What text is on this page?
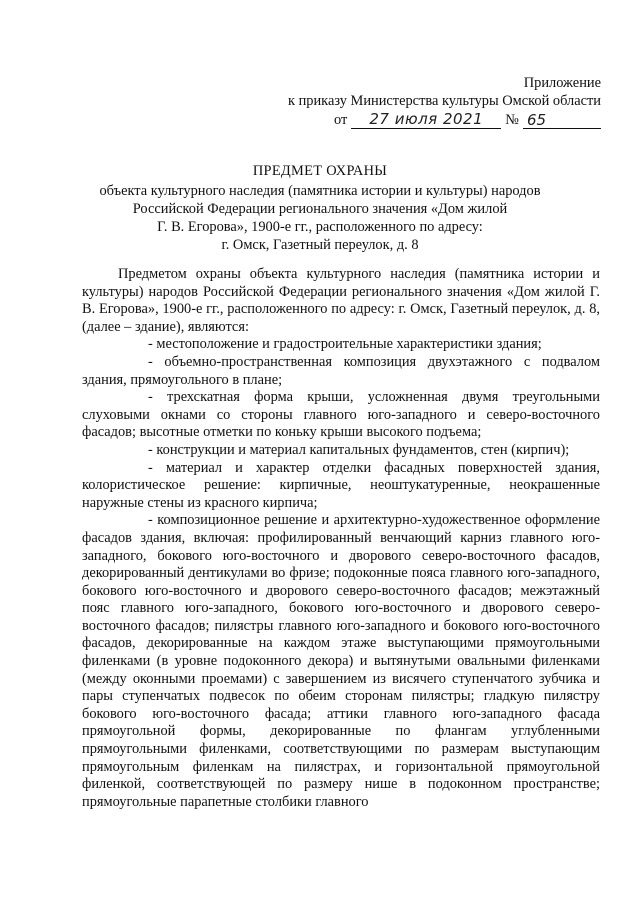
Приложение
к приказу Министерства культуры Омской области
от	27 июля 2021	№ 65
ПРЕДМЕТ ОХРАНЫ
объекта культурного наследия (памятника истории и культуры) народов
Российской Федерации регионального значения «Дом жилой
Г. В. Егорова», 1900-е гг., расположенного по адресу:
г. Омск, Газетный переулок, д. 8

Предметом охраны объекта культурного наследия (памятника истории и культуры) народов Российской Федерации регионального значения «Дом жилой Г. В. Егорова», 1900-е гг., расположенного по адресу: г. Омск, Газетный переулок, д. 8, (далее – здание), являются:

- местоположение и градостроительные характеристики здания;

- объемно-пространственная композиция двухэтажного с подвалом здания, прямоугольного в плане;

- трехскатная форма крыши, усложненная двумя треугольными слуховыми окнами со стороны главного юго-западного и северо-восточного фасадов; высотные отметки по коньку крыши высокого подъема;

- конструкции и материал капитальных фундаментов, стен (кирпич);

- материал и характер отделки фасадных поверхностей здания, колористическое решение: кирпичные, неоштукатуренные, неокрашенные наружные стены из красного кирпича;

- композиционное решение и архитектурно-художественное оформление фасадов здания, включая: профилированный венчающий карниз главного юго-западного, бокового юго-восточного и дворового северо-восточного фасадов, декорированный дентикулами во фризе; подоконные пояса главного юго-западного, бокового юго-восточного и дворового северо-восточного фасадов; межэтажный пояс главного юго-западного, бокового юго-восточного и дворового северо-восточного фасадов; пилястры главного юго-западного и бокового юго-восточного фасадов, декорированные на каждом этаже выступающими прямоугольными филенками (в уровне подоконного декора) и вытянутыми овальными филенками (между оконными проемами) с завершением из висячего ступенчатого зубчика и пары ступенчатых подвесок по обеим сторонам пилястры; гладкую пилястру бокового юго-восточного фасада; аттики главного юго-западного фасада прямоугольной формы, декорированные по флангам углубленными прямоугольными филенками, соответствующими по размерам выступающим прямоугольным филенкам на пилястрах, и горизонтальной прямоугольной филенкой, соответствующей по размеру нише в подоконном пространстве; прямоугольные парапетные столбики главного
